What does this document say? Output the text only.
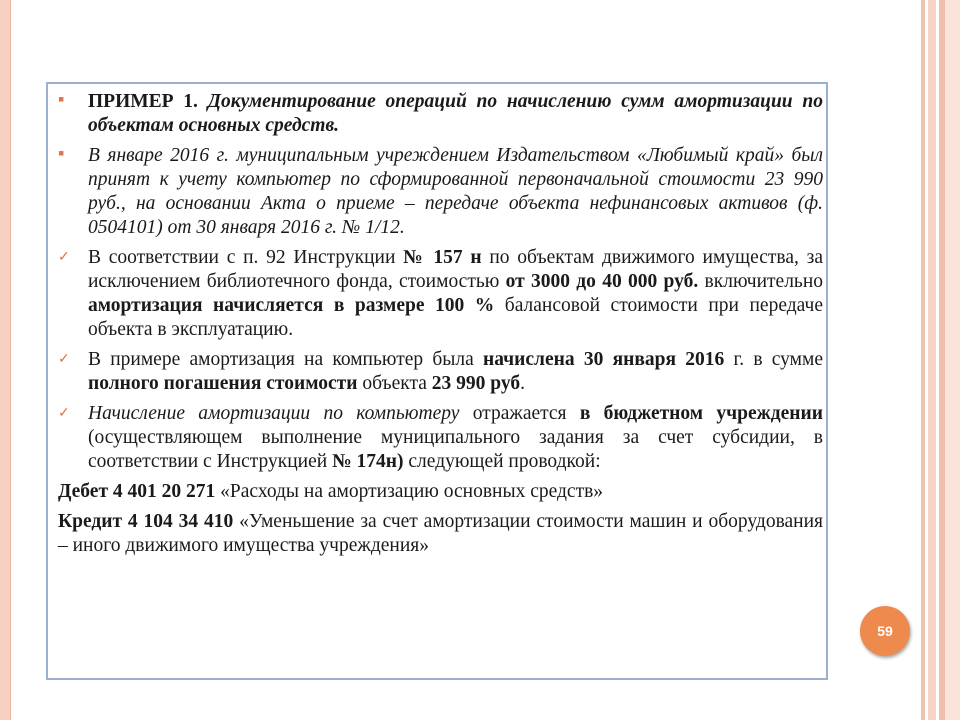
▪ ПРИМЕР 1. Документирование операций по начислению сумм амортизации по объектам основных средств.
▪ В январе 2016 г. муниципальным учреждением Издательством «Любимый край» был принят к учету компьютер по сформированной первоначальной стоимости 23 990 руб., на основании Акта о приеме – передаче объекта нефинансовых активов (ф. 0504101) от 30 января 2016 г. № 1/12.
✓ В соответствии с п. 92 Инструкции № 157 н по объектам движимого имущества, за исключением библиотечного фонда, стоимостью от 3000 до 40 000 руб. включительно амортизация начисляется в размере 100 % балансовой стоимости при передаче объекта в эксплуатацию.
✓ В примере амортизация на компьютер была начислена 30 января 2016 г. в сумме полного погашения стоимости объекта 23 990 руб.
✓ Начисление амортизации по компьютеру отражается в бюджетном учреждении (осуществляющем выполнение муниципального задания за счет субсидии, в соответствии с Инструкцией № 174н) следующей проводкой:
Дебет 4 401 20 271 «Расходы на амортизацию основных средств»
Кредит 4 104 34 410 «Уменьшение за счет амортизации стоимости машин и оборудования – иного движимого имущества учреждения»
59
